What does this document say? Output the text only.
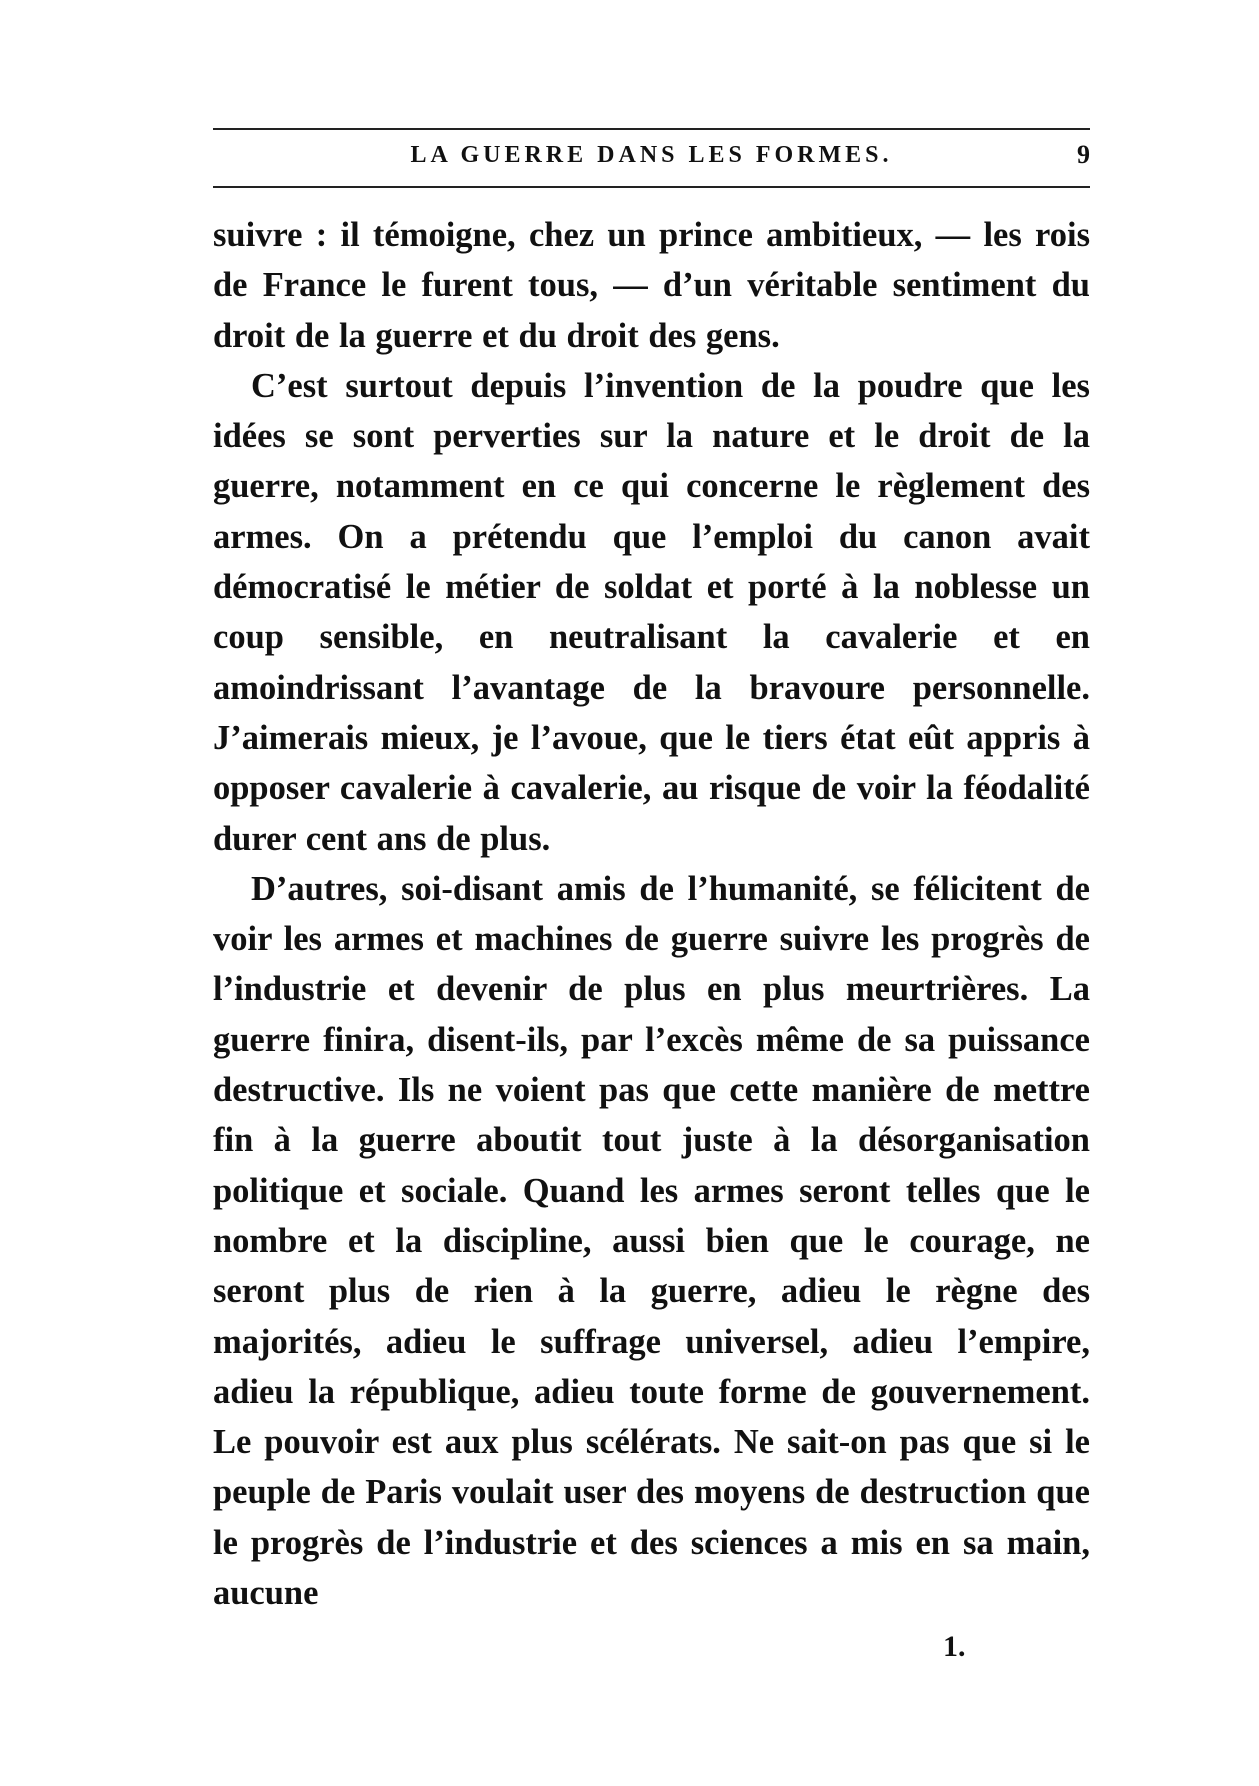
LA GUERRE DANS LES FORMES.	9

suivre : il témoigne, chez un prince ambitieux, — les rois de France le furent tous, — d’un véritable sentiment du droit de la guerre et du droit des gens.

C’est surtout depuis l’invention de la poudre que les idées se sont perverties sur la nature et le droit de la guerre, notamment en ce qui concerne le règlement des armes. On a prétendu que l’emploi du canon avait démocratisé le métier de soldat et porté à la noblesse un coup sensible, en neutralisant la cavalerie et en amoindrissant l’avantage de la bravoure personnelle. J’aimerais mieux, je l’avoue, que le tiers état eût appris à opposer cavalerie à cavalerie, au risque de voir la féodalité durer cent ans de plus.

D’autres, soi-disant amis de l’humanité, se félicitent de voir les armes et machines de guerre suivre les progrès de l’industrie et devenir de plus en plus meurtrières. La guerre finira, disent-ils, par l’excès même de sa puissance destructive. Ils ne voient pas que cette manière de mettre fin à la guerre aboutit tout juste à la désorganisation politique et sociale. Quand les armes seront telles que le nombre et la discipline, aussi bien que le courage, ne seront plus de rien à la guerre, adieu le règne des majorités, adieu le suffrage universel, adieu l’empire, adieu la république, adieu toute forme de gouvernement. Le pouvoir est aux plus scélérats. Ne sait-on pas que si le peuple de Paris voulait user des moyens de destruction que le progrès de l’industrie et des sciences a mis en sa main, aucune

1.
